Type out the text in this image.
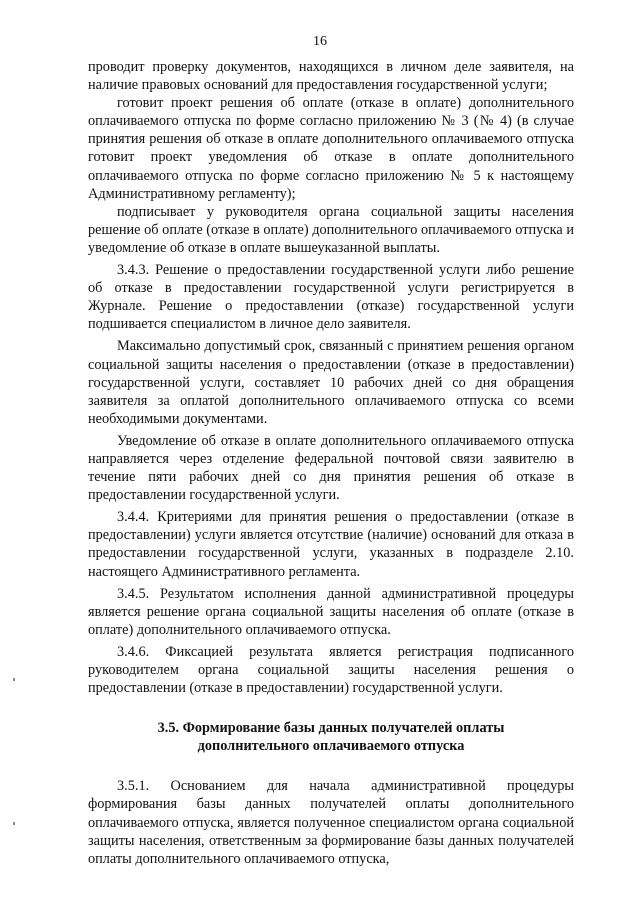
16

проводит проверку документов, находящихся в личном деле заявителя, на наличие правовых оснований для предоставления государственной услуги;

готовит проект решения об оплате (отказе в оплате) дополнительного оплачиваемого отпуска по форме согласно приложению № 3 (№ 4) (в случае принятия решения об отказе в оплате дополнительного оплачиваемого отпуска готовит проект уведомления об отказе в оплате дополнительного оплачиваемого отпуска по форме согласно приложению № 5 к настоящему Административному регламенту);

подписывает у руководителя органа социальной защиты населения решение об оплате (отказе в оплате) дополнительного оплачиваемого отпуска и уведомление об отказе в оплате вышеуказанной выплаты.

3.4.3. Решение о предоставлении государственной услуги либо решение об отказе в предоставлении государственной услуги регистрируется в Журнале. Решение о предоставлении (отказе) государственной услуги подшивается специалистом в личное дело заявителя.

Максимально допустимый срок, связанный с принятием решения органом социальной защиты населения о предоставлении (отказе в предоставлении) государственной услуги, составляет 10 рабочих дней со дня обращения заявителя за оплатой дополнительного оплачиваемого отпуска со всеми необходимыми документами.

Уведомление об отказе в оплате дополнительного оплачиваемого отпуска направляется через отделение федеральной почтовой связи заявителю в течение пяти рабочих дней со дня принятия решения об отказе в предоставлении государственной услуги.

3.4.4. Критериями для принятия решения о предоставлении (отказе в предоставлении) услуги является отсутствие (наличие) оснований для отказа в предоставлении государственной услуги, указанных в подразделе 2.10. настоящего Административного регламента.

3.4.5. Результатом исполнения данной административной процедуры является решение органа социальной защиты населения об оплате (отказе в оплате) дополнительного оплачиваемого отпуска.

3.4.6. Фиксацией результата является регистрация подписанного руководителем органа социальной защиты населения решения о предоставлении (отказе в предоставлении) государственной услуги.

3.5. Формирование базы данных получателей оплаты
дополнительного оплачиваемого отпуска

3.5.1. Основанием для начала административной процедуры формирования базы данных получателей оплаты дополнительного оплачиваемого отпуска, является полученное специалистом органа социальной защиты населения, ответственным за формирование базы данных получателей оплаты дополнительного оплачиваемого отпуска,
